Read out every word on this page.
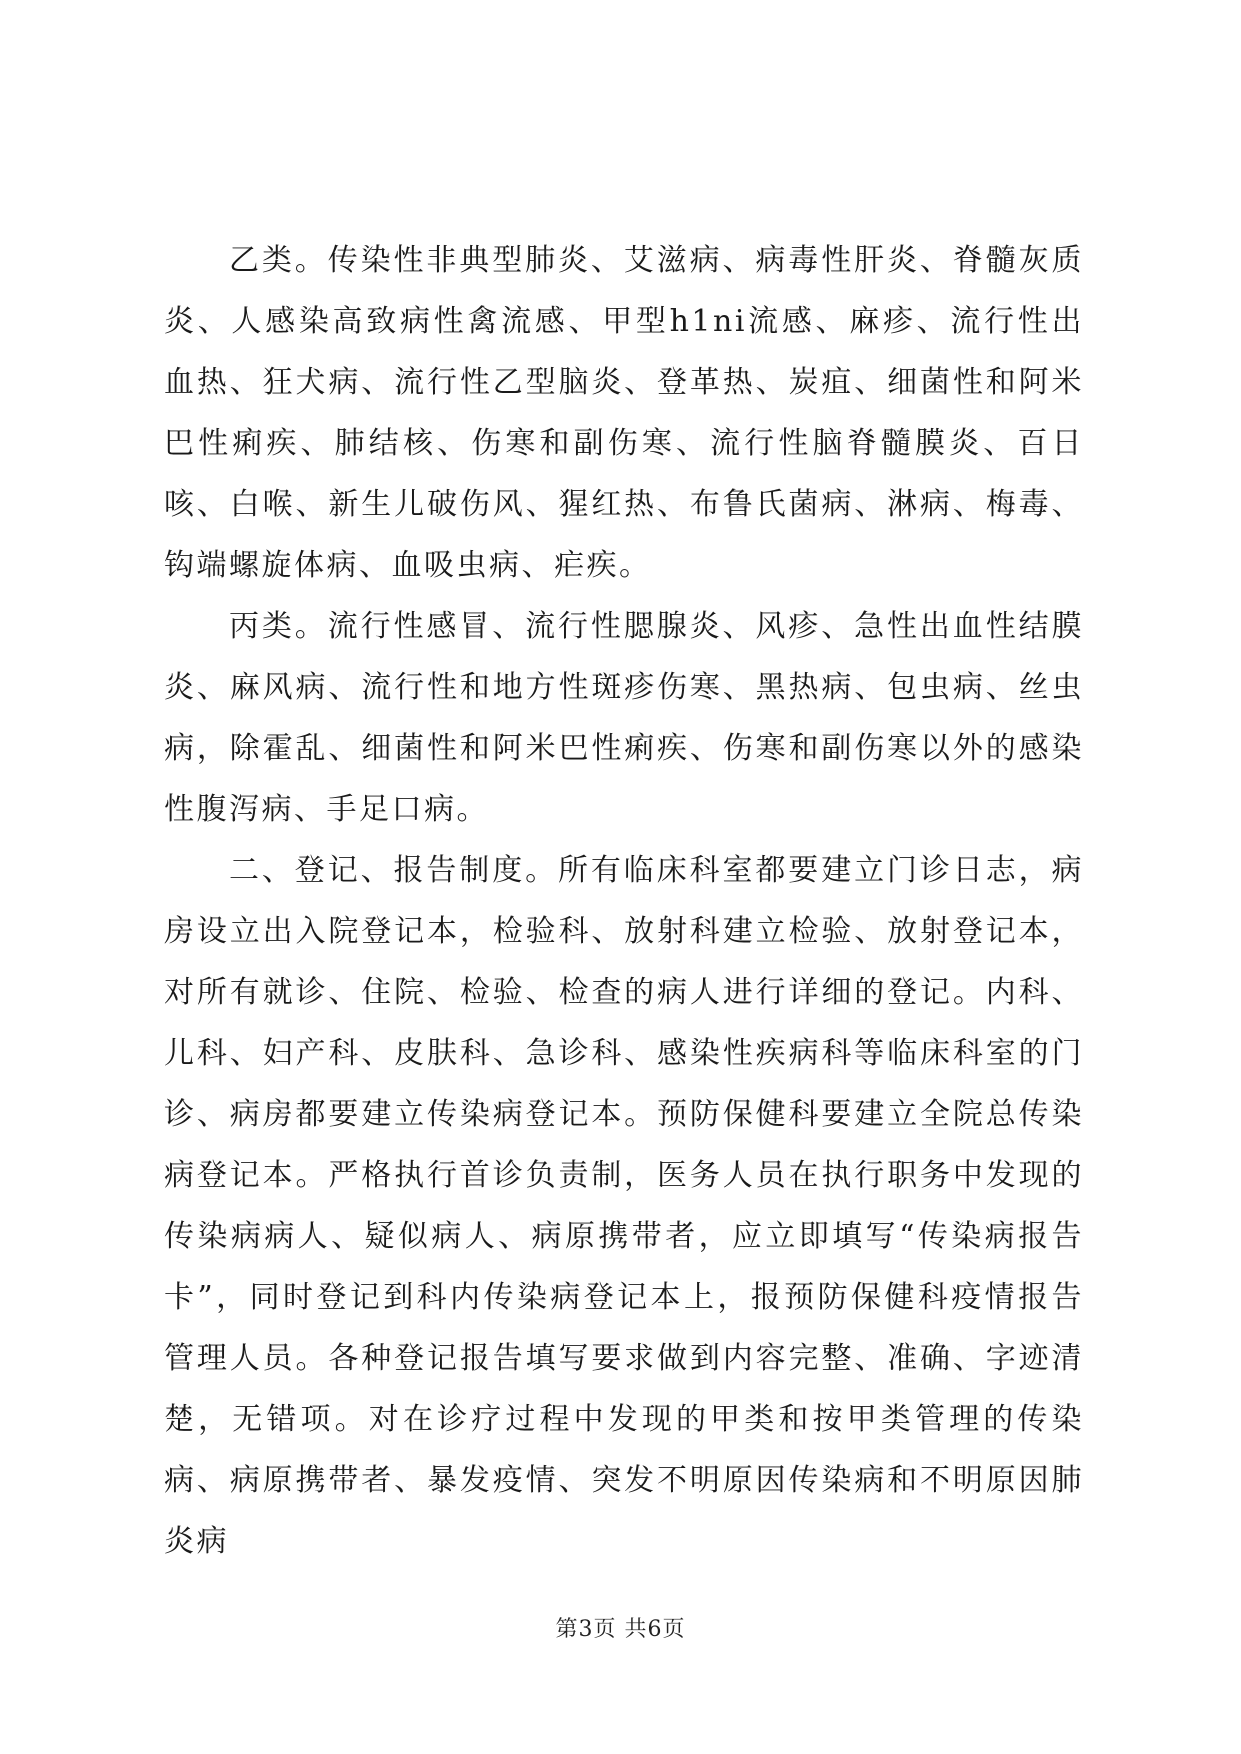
乙类。传染性非典型肺炎、艾滋病、病毒性肝炎、脊髓灰质炎、人感染高致病性禽流感、甲型h1ni流感、麻疹、流行性出血热、狂犬病、流行性乙型脑炎、登革热、炭疽、细菌性和阿米巴性痢疾、肺结核、伤寒和副伤寒、流行性脑脊髓膜炎、百日咳、白喉、新生儿破伤风、猩红热、布鲁氏菌病、淋病、梅毒、钩端螺旋体病、血吸虫病、疟疾。

丙类。流行性感冒、流行性腮腺炎、风疹、急性出血性结膜炎、麻风病、流行性和地方性斑疹伤寒、黑热病、包虫病、丝虫病，除霍乱、细菌性和阿米巴性痢疾、伤寒和副伤寒以外的感染性腹泻病、手足口病。

二、登记、报告制度。所有临床科室都要建立门诊日志，病房设立出入院登记本，检验科、放射科建立检验、放射登记本，对所有就诊、住院、检验、检查的病人进行详细的登记。内科、儿科、妇产科、皮肤科、急诊科、感染性疾病科等临床科室的门诊、病房都要建立传染病登记本。预防保健科要建立全院总传染病登记本。严格执行首诊负责制，医务人员在执行职务中发现的传染病病人、疑似病人、病原携带者，应立即填写“传染病报告卡”，同时登记到科内传染病登记本上，报预防保健科疫情报告管理人员。各种登记报告填写要求做到内容完整、准确、字迹清楚，无错项。对在诊疗过程中发现的甲类和按甲类管理的传染病、病原携带者、暴发疫情、突发不明原因传染病和不明原因肺炎病

第3页 共6页
